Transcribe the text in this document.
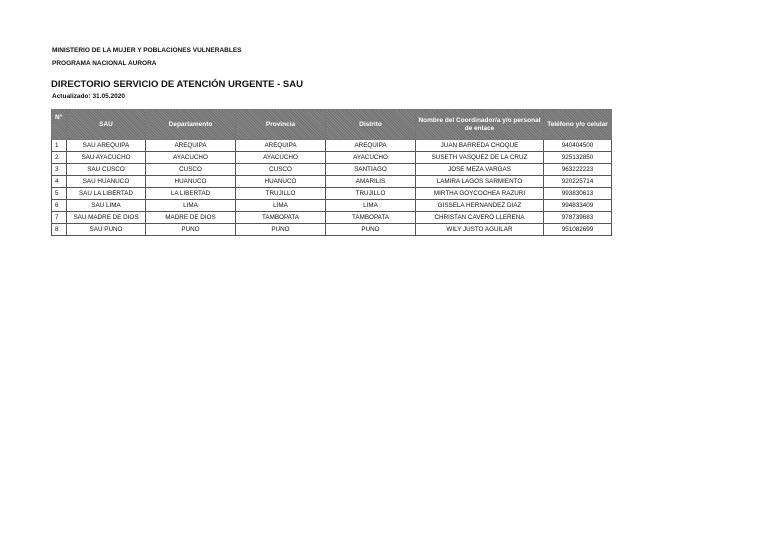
MINISTERIO DE LA MUJER Y POBLACIONES VULNERABLES
PROGRAMA NACIONAL AURORA
DIRECTORIO SERVICIO DE ATENCIÓN URGENTE - SAU
Actualizado: 31.05.2020
N°	SAU	Departamento	Provincia	Distrito	Nombre del Coordinador/a y/o personal de enlace	Teléfono y/o celular
1	SAU AREQUIPA	AREQUIPA	AREQUIPA	AREQUIPA	JUAN BARREDA CHOQUE	940404500
2	SAU AYACUCHO	AYACUCHO	AYACUCHO	AYACUCHO	SUSETH VASQUEZ DE LA CRUZ	925132850
3	SAU CUSCO	CUSCO	CUSCO	SANTIAGO	JOSE MEZA VARGAS	963222223
4	SAU HUANUCO	HUANUCO	HUANUCO	AMARILIS	LAMIRA LAGOS SARMIENTO	920225714
5	SAU LA LIBERTAD	LA LIBERTAD	TRUJILLO	TRUJILLO	MIRTHA GOYCOCHEA RAZURI	993830613
6	SAU LIMA	LIMA	LIMA	LIMA	GISSELA HERNANDEZ DIAZ	994833409
7	SAU MADRE DE DIOS	MADRE DE DIOS	TAMBOPATA	TAMBOPATA	CHRISTAN CAVERO LLERENA	978739683
8	SAU PUNO	PUNO	PUNO	PUNO	WILY JUSTO AGUILAR	951082699
